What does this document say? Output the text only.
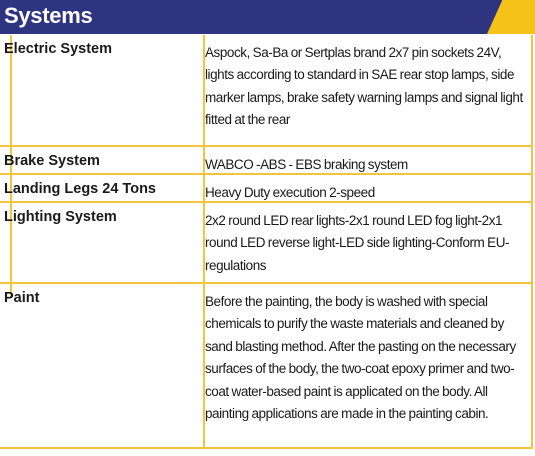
Systems
Electric System	Aspock, Sa-Ba or Sertplas brand 2x7 pin sockets 24V, lights according to standard in SAE rear stop lamps, side marker lamps, brake safety warning lamps and signal light fitted at the rear
Brake System	WABCO -ABS - EBS braking system
Landing Legs 24 Tons	Heavy Duty execution 2-speed
Lighting System	2x2 round LED rear lights-2x1 round LED fog light-2x1 round LED reverse light-LED side lighting-Conform EU-regulations
Paint	Before the painting, the body is washed with special chemicals to purify the waste materials and cleaned by sand blasting method. After the pasting on the necessary surfaces of the body, the two-coat epoxy primer and two-coat water-based paint is applicated on the body. All painting applications are made in the painting cabin.
